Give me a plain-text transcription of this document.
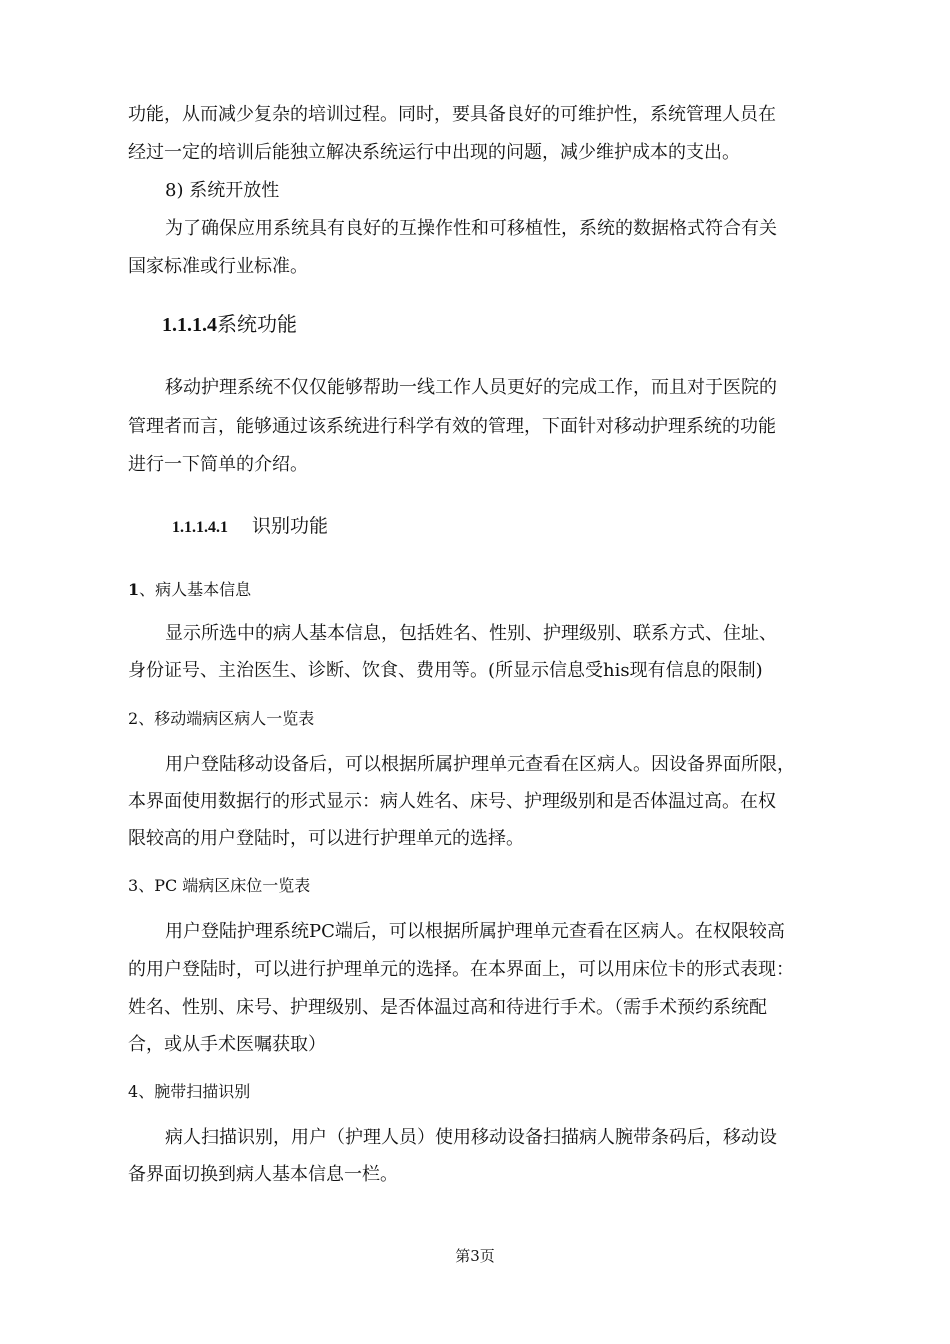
功能，从而减少复杂的培训过程。同时，要具备良好的可维护性，系统管理人员在
经过一定的培训后能独立解决系统运行中出现的问题，减少维护成本的支出。
8) 系统开放性
为了确保应用系统具有良好的互操作性和可移植性，系统的数据格式符合有关
国家标准或行业标准。
1.1.1.4系统功能
移动护理系统不仅仅能够帮助一线工作人员更好的完成工作，而且对于医院的
管理者而言，能够通过该系统进行科学有效的管理，下面针对移动护理系统的功能
进行一下简单的介绍。
1.1.1.4.1 识别功能
1、病人基本信息
显示所选中的病人基本信息，包括姓名、性别、护理级别、联系方式、住址、
身份证号、主治医生、诊断、饮食、费用等。(所显示信息受his现有信息的限制)
2、移动端病区病人一览表
用户登陆移动设备后，可以根据所属护理单元查看在区病人。因设备界面所限，
本界面使用数据行的形式显示：病人姓名、床号、护理级别和是否体温过高。在权
限较高的用户登陆时，可以进行护理单元的选择。
3、PC 端病区床位一览表
用户登陆护理系统PC端后，可以根据所属护理单元查看在区病人。在权限较高
的用户登陆时，可以进行护理单元的选择。在本界面上，可以用床位卡的形式表现：
姓名、性别、床号、护理级别、是否体温过高和待进行手术。（需手术预约系统配
合，或从手术医嘱获取）
4、腕带扫描识别
病人扫描识别，用户（护理人员）使用移动设备扫描病人腕带条码后，移动设
备界面切换到病人基本信息一栏。
第3页
